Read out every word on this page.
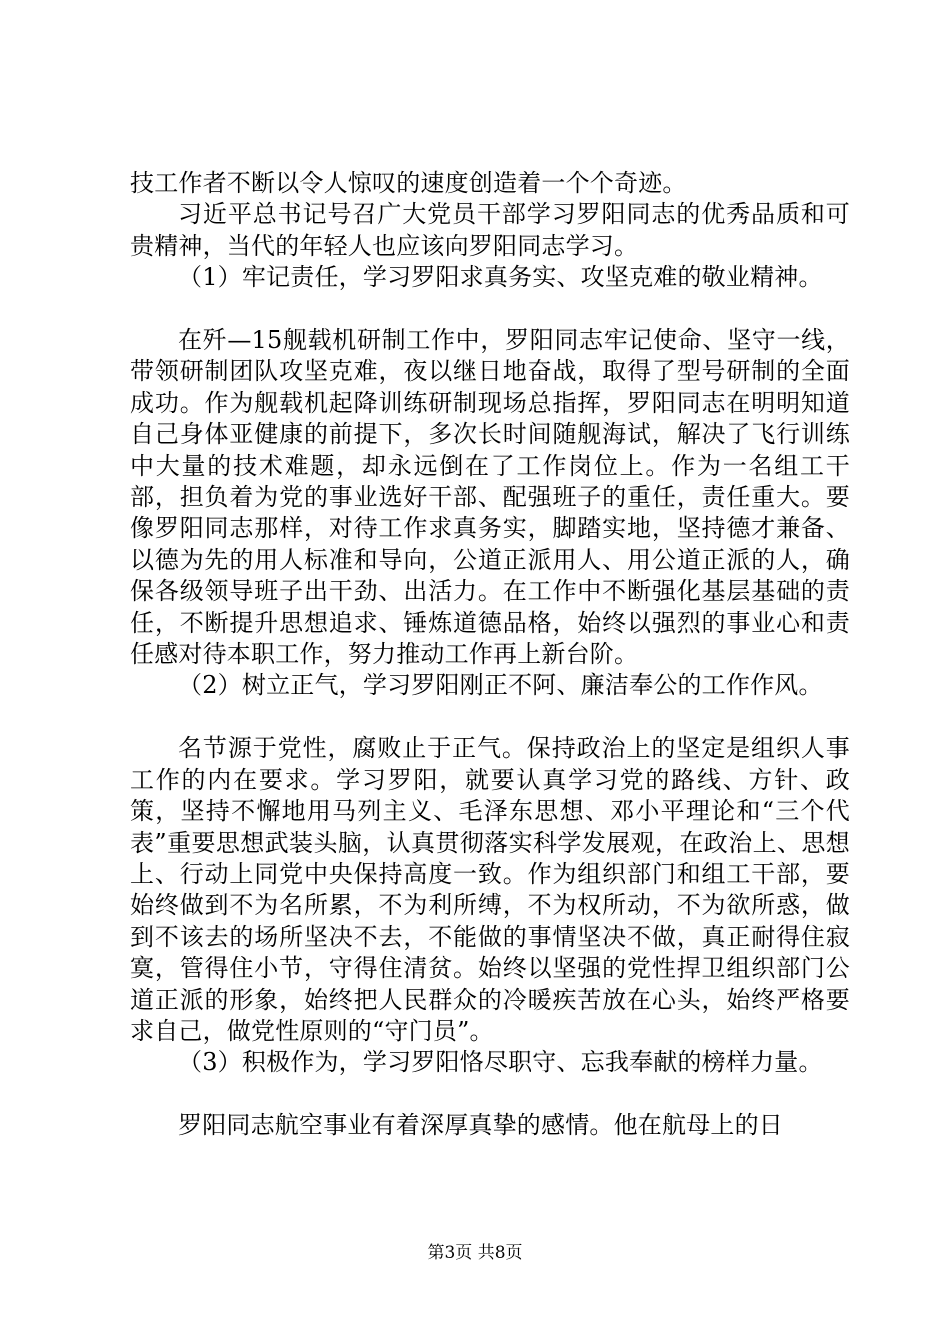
技工作者不断以令人惊叹的速度创造着一个个奇迹。

习近平总书记号召广大党员干部学习罗阳同志的优秀品质和可贵精神，当代的年轻人也应该向罗阳同志学习。

（1）牢记责任，学习罗阳求真务实、攻坚克难的敬业精神。

在歼—15舰载机研制工作中，罗阳同志牢记使命、坚守一线，带领研制团队攻坚克难，夜以继日地奋战，取得了型号研制的全面成功。作为舰载机起降训练研制现场总指挥，罗阳同志在明明知道自己身体亚健康的前提下，多次长时间随舰海试，解决了飞行训练中大量的技术难题，却永远倒在了工作岗位上。作为一名组工干部，担负着为党的事业选好干部、配强班子的重任，责任重大。要像罗阳同志那样，对待工作求真务实，脚踏实地，坚持德才兼备、以德为先的用人标准和导向，公道正派用人、用公道正派的人，确保各级领导班子出干劲、出活力。在工作中不断强化基层基础的责任，不断提升思想追求、锤炼道德品格，始终以强烈的事业心和责任感对待本职工作，努力推动工作再上新台阶。

（2）树立正气，学习罗阳刚正不阿、廉洁奉公的工作作风。

名节源于党性，腐败止于正气。保持政治上的坚定是组织人事工作的内在要求。学习罗阳，就要认真学习党的路线、方针、政策，坚持不懈地用马列主义、毛泽东思想、邓小平理论和“三个代表”重要思想武装头脑，认真贯彻落实科学发展观，在政治上、思想上、行动上同党中央保持高度一致。作为组织部门和组工干部，要始终做到不为名所累，不为利所缚，不为权所动，不为欲所惑，做到不该去的场所坚决不去，不能做的事情坚决不做，真正耐得住寂寞，管得住小节，守得住清贫。始终以坚强的党性捍卫组织部门公道正派的形象，始终把人民群众的冷暖疾苦放在心头，始终严格要求自己，做党性原则的“守门员”。

（3）积极作为，学习罗阳恪尽职守、忘我奉献的榜样力量。

罗阳同志航空事业有着深厚真挚的感情。他在航母上的日

第3页 共8页
